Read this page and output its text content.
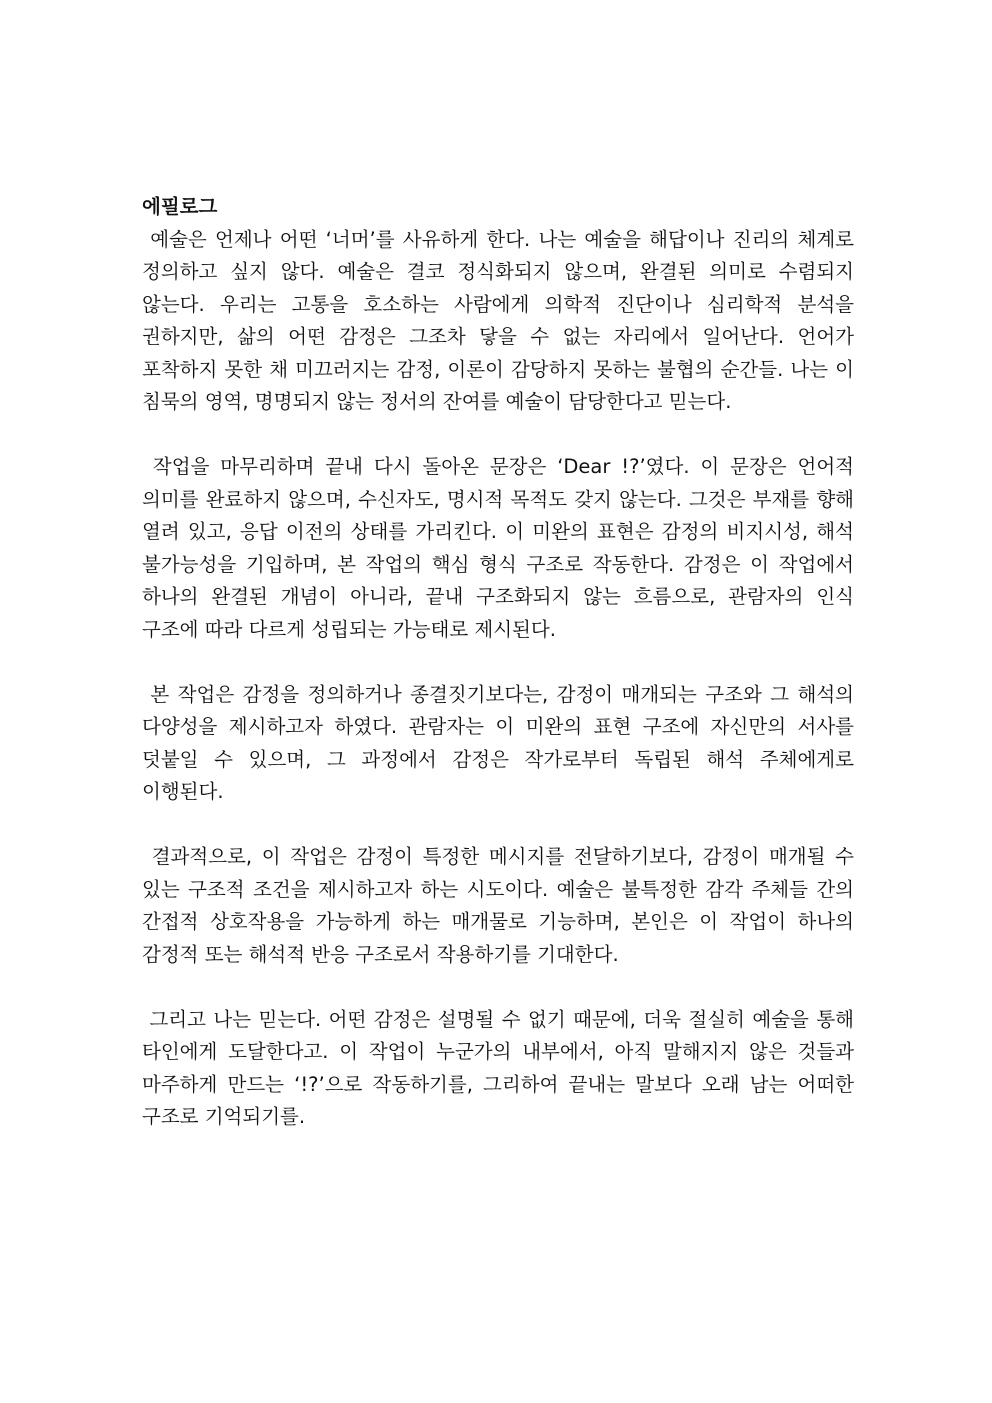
에필로그

예술은 언제나 어떤 ‘너머’를 사유하게 한다. 나는 예술을 해답이나 진리의 체계로 정의하고 싶지 않다. 예술은 결코 정식화되지 않으며, 완결된 의미로 수렴되지 않는다. 우리는 고통을 호소하는 사람에게 의학적 진단이나 심리학적 분석을 권하지만, 삶의 어떤 감정은 그조차 닿을 수 없는 자리에서 일어난다. 언어가 포착하지 못한 채 미끄러지는 감정, 이론이 감당하지 못하는 불협의 순간들. 나는 이 침묵의 영역, 명명되지 않는 정서의 잔여를 예술이 담당한다고 믿는다.

작업을 마무리하며 끝내 다시 돌아온 문장은 ‘Dear !?’였다. 이 문장은 언어적 의미를 완료하지 않으며, 수신자도, 명시적 목적도 갖지 않는다. 그것은 부재를 향해 열려 있고, 응답 이전의 상태를 가리킨다. 이 미완의 표현은 감정의 비지시성, 해석 불가능성을 기입하며, 본 작업의 핵심 형식 구조로 작동한다. 감정은 이 작업에서 하나의 완결된 개념이 아니라, 끝내 구조화되지 않는 흐름으로, 관람자의 인식 구조에 따라 다르게 성립되는 가능태로 제시된다.

본 작업은 감정을 정의하거나 종결짓기보다는, 감정이 매개되는 구조와 그 해석의 다양성을 제시하고자 하였다. 관람자는 이 미완의 표현 구조에 자신만의 서사를 덧붙일 수 있으며, 그 과정에서 감정은 작가로부터 독립된 해석 주체에게로 이행된다.

결과적으로, 이 작업은 감정이 특정한 메시지를 전달하기보다, 감정이 매개될 수 있는 구조적 조건을 제시하고자 하는 시도이다. 예술은 불특정한 감각 주체들 간의 간접적 상호작용을 가능하게 하는 매개물로 기능하며, 본인은 이 작업이 하나의 감정적 또는 해석적 반응 구조로서 작용하기를 기대한다.

그리고 나는 믿는다. 어떤 감정은 설명될 수 없기 때문에, 더욱 절실히 예술을 통해 타인에게 도달한다고. 이 작업이 누군가의 내부에서, 아직 말해지지 않은 것들과 마주하게 만드는 ‘!?’으로 작동하기를, 그리하여 끝내는 말보다 오래 남는 어떠한 구조로 기억되기를.
